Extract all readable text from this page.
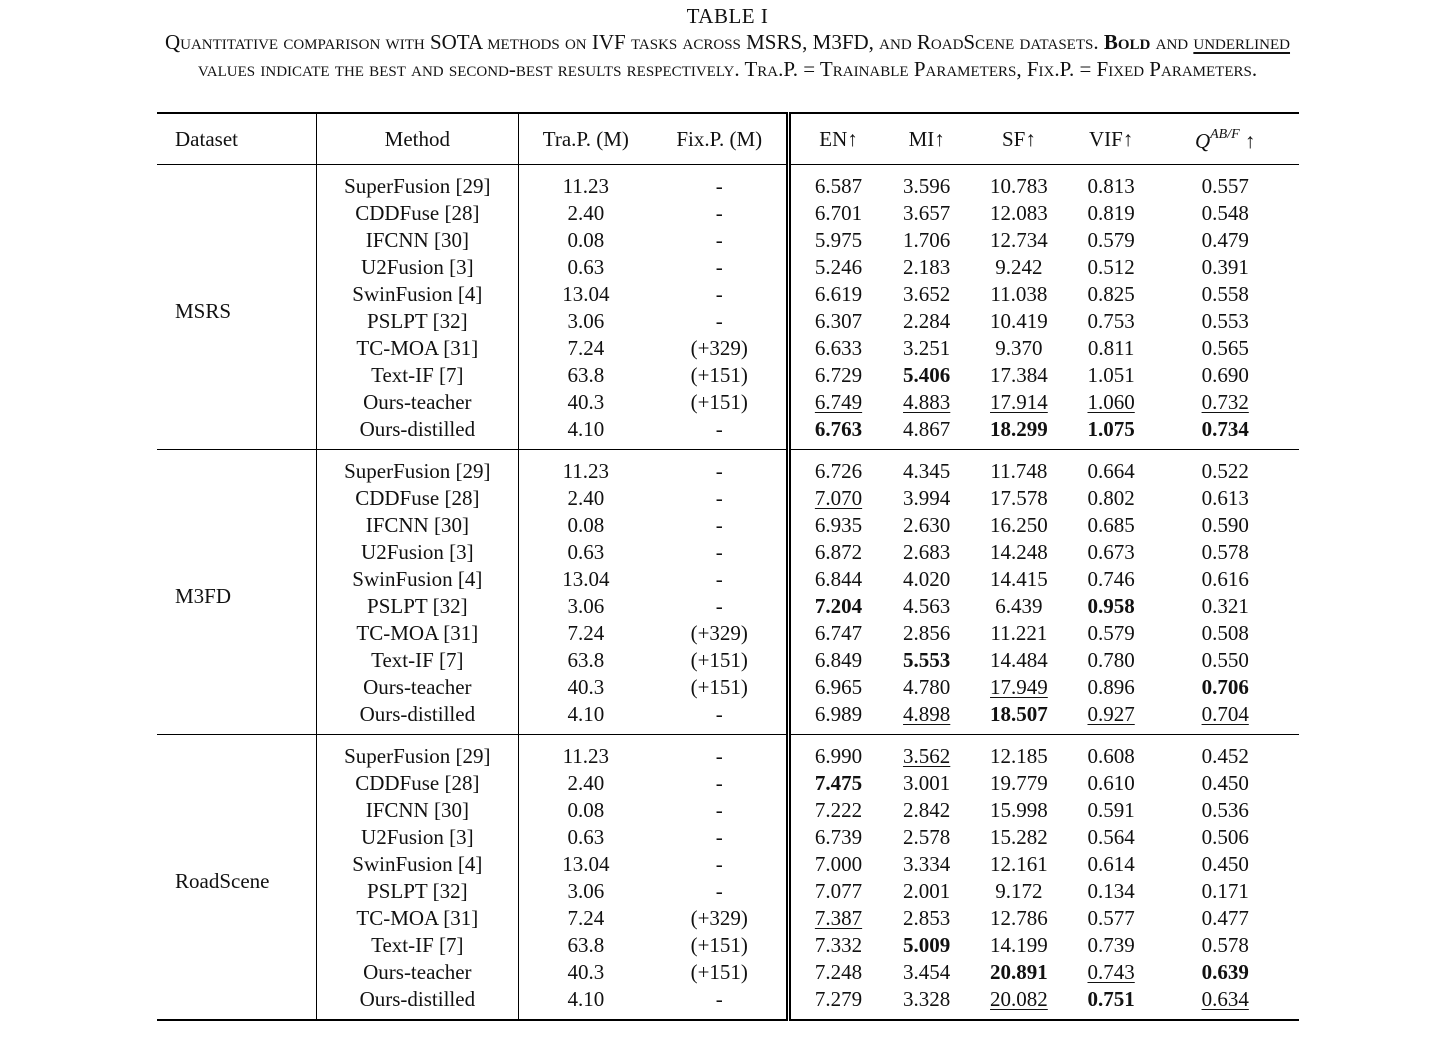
TABLE I
Quantitative comparison with SOTA methods on IVF tasks across MSRS, M3FD, and RoadScene datasets. Bold and underlined
values indicate the best and second-best results respectively. Tra.P. = Trainable Parameters, Fix.P. = Fixed Parameters.
Dataset	Method	Tra.P. (M)	Fix.P. (M)	EN↑	MI↑	SF↑	VIF↑	$Q^{AB/F}$ ↑
MSRS	SuperFusion [29]	11.23	-	6.587	3.596	10.783	0.813	0.557
	CDDFuse [28]	2.40	-	6.701	3.657	12.083	0.819	0.548
	IFCNN [30]	0.08	-	5.975	1.706	12.734	0.579	0.479
	U2Fusion [3]	0.63	-	5.246	2.183	9.242	0.512	0.391
	SwinFusion [4]	13.04	-	6.619	3.652	11.038	0.825	0.558
	PSLPT [32]	3.06	-	6.307	2.284	10.419	0.753	0.553
	TC-MOA [31]	7.24	(+329)	6.633	3.251	9.370	0.811	0.565
	Text-IF [7]	63.8	(+151)	6.729	5.406	17.384	1.051	0.690
	Ours-teacher	40.3	(+151)	6.749	4.883	17.914	1.060	0.732
	Ours-distilled	4.10	-	6.763	4.867	18.299	1.075	0.734
M3FD	SuperFusion [29]	11.23	-	6.726	4.345	11.748	0.664	0.522
	CDDFuse [28]	2.40	-	7.070	3.994	17.578	0.802	0.613
	IFCNN [30]	0.08	-	6.935	2.630	16.250	0.685	0.590
	U2Fusion [3]	0.63	-	6.872	2.683	14.248	0.673	0.578
	SwinFusion [4]	13.04	-	6.844	4.020	14.415	0.746	0.616
	PSLPT [32]	3.06	-	7.204	4.563	6.439	0.958	0.321
	TC-MOA [31]	7.24	(+329)	6.747	2.856	11.221	0.579	0.508
	Text-IF [7]	63.8	(+151)	6.849	5.553	14.484	0.780	0.550
	Ours-teacher	40.3	(+151)	6.965	4.780	17.949	0.896	0.706
	Ours-distilled	4.10	-	6.989	4.898	18.507	0.927	0.704
RoadScene	SuperFusion [29]	11.23	-	6.990	3.562	12.185	0.608	0.452
	CDDFuse [28]	2.40	-	7.475	3.001	19.779	0.610	0.450
	IFCNN [30]	0.08	-	7.222	2.842	15.998	0.591	0.536
	U2Fusion [3]	0.63	-	6.739	2.578	15.282	0.564	0.506
	SwinFusion [4]	13.04	-	7.000	3.334	12.161	0.614	0.450
	PSLPT [32]	3.06	-	7.077	2.001	9.172	0.134	0.171
	TC-MOA [31]	7.24	(+329)	7.387	2.853	12.786	0.577	0.477
	Text-IF [7]	63.8	(+151)	7.332	5.009	14.199	0.739	0.578
	Ours-teacher	40.3	(+151)	7.248	3.454	20.891	0.743	0.639
	Ours-distilled	4.10	-	7.279	3.328	20.082	0.751	0.634
